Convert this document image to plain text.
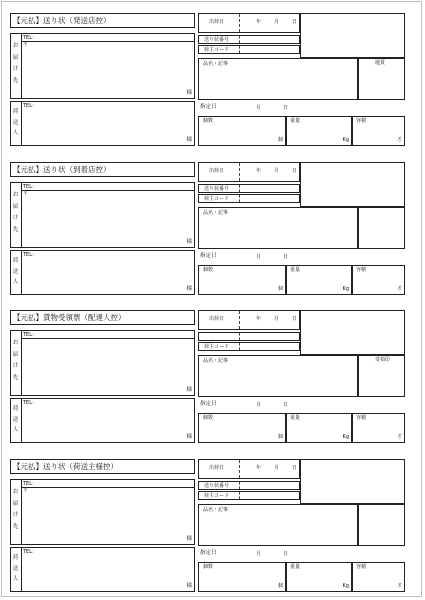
【元払】送り状（発送店控）
お
届
け
先
TEL：
〒
様
荷
送
人
TEL：
様
出荷日	年	月	日
送り状番号
荷主コード
品名・記事	運賃
指定日	月	日
個数
個
重量
Kg
容積
才
【元払】送り状（到着店控）
お
届
け
先
TEL：
〒
様
荷
送
人
TEL：
様
出荷日	年	月	日
送り状番号
荷主コード
品名・記事
指定日	月	日
個数
個
重量
Kg
容積
才
【元払】貨物受領票（配達人控）
お
届
け
先
TEL：
様
荷
送
人
TEL：
様
出荷日	年	月	日
荷主コード
品名・記事	受領印
指定日	月	日
個数
個
重量
Kg
容積
才
【元払】送り状（荷送主様控）
お
届
け
先
TEL：
〒
様
荷
送
人
TEL：
様
出荷日	年	月	日
送り状番号
荷主コード
品名・記事
指定日	月	日
個数
個
重量
Kg
容積
才
